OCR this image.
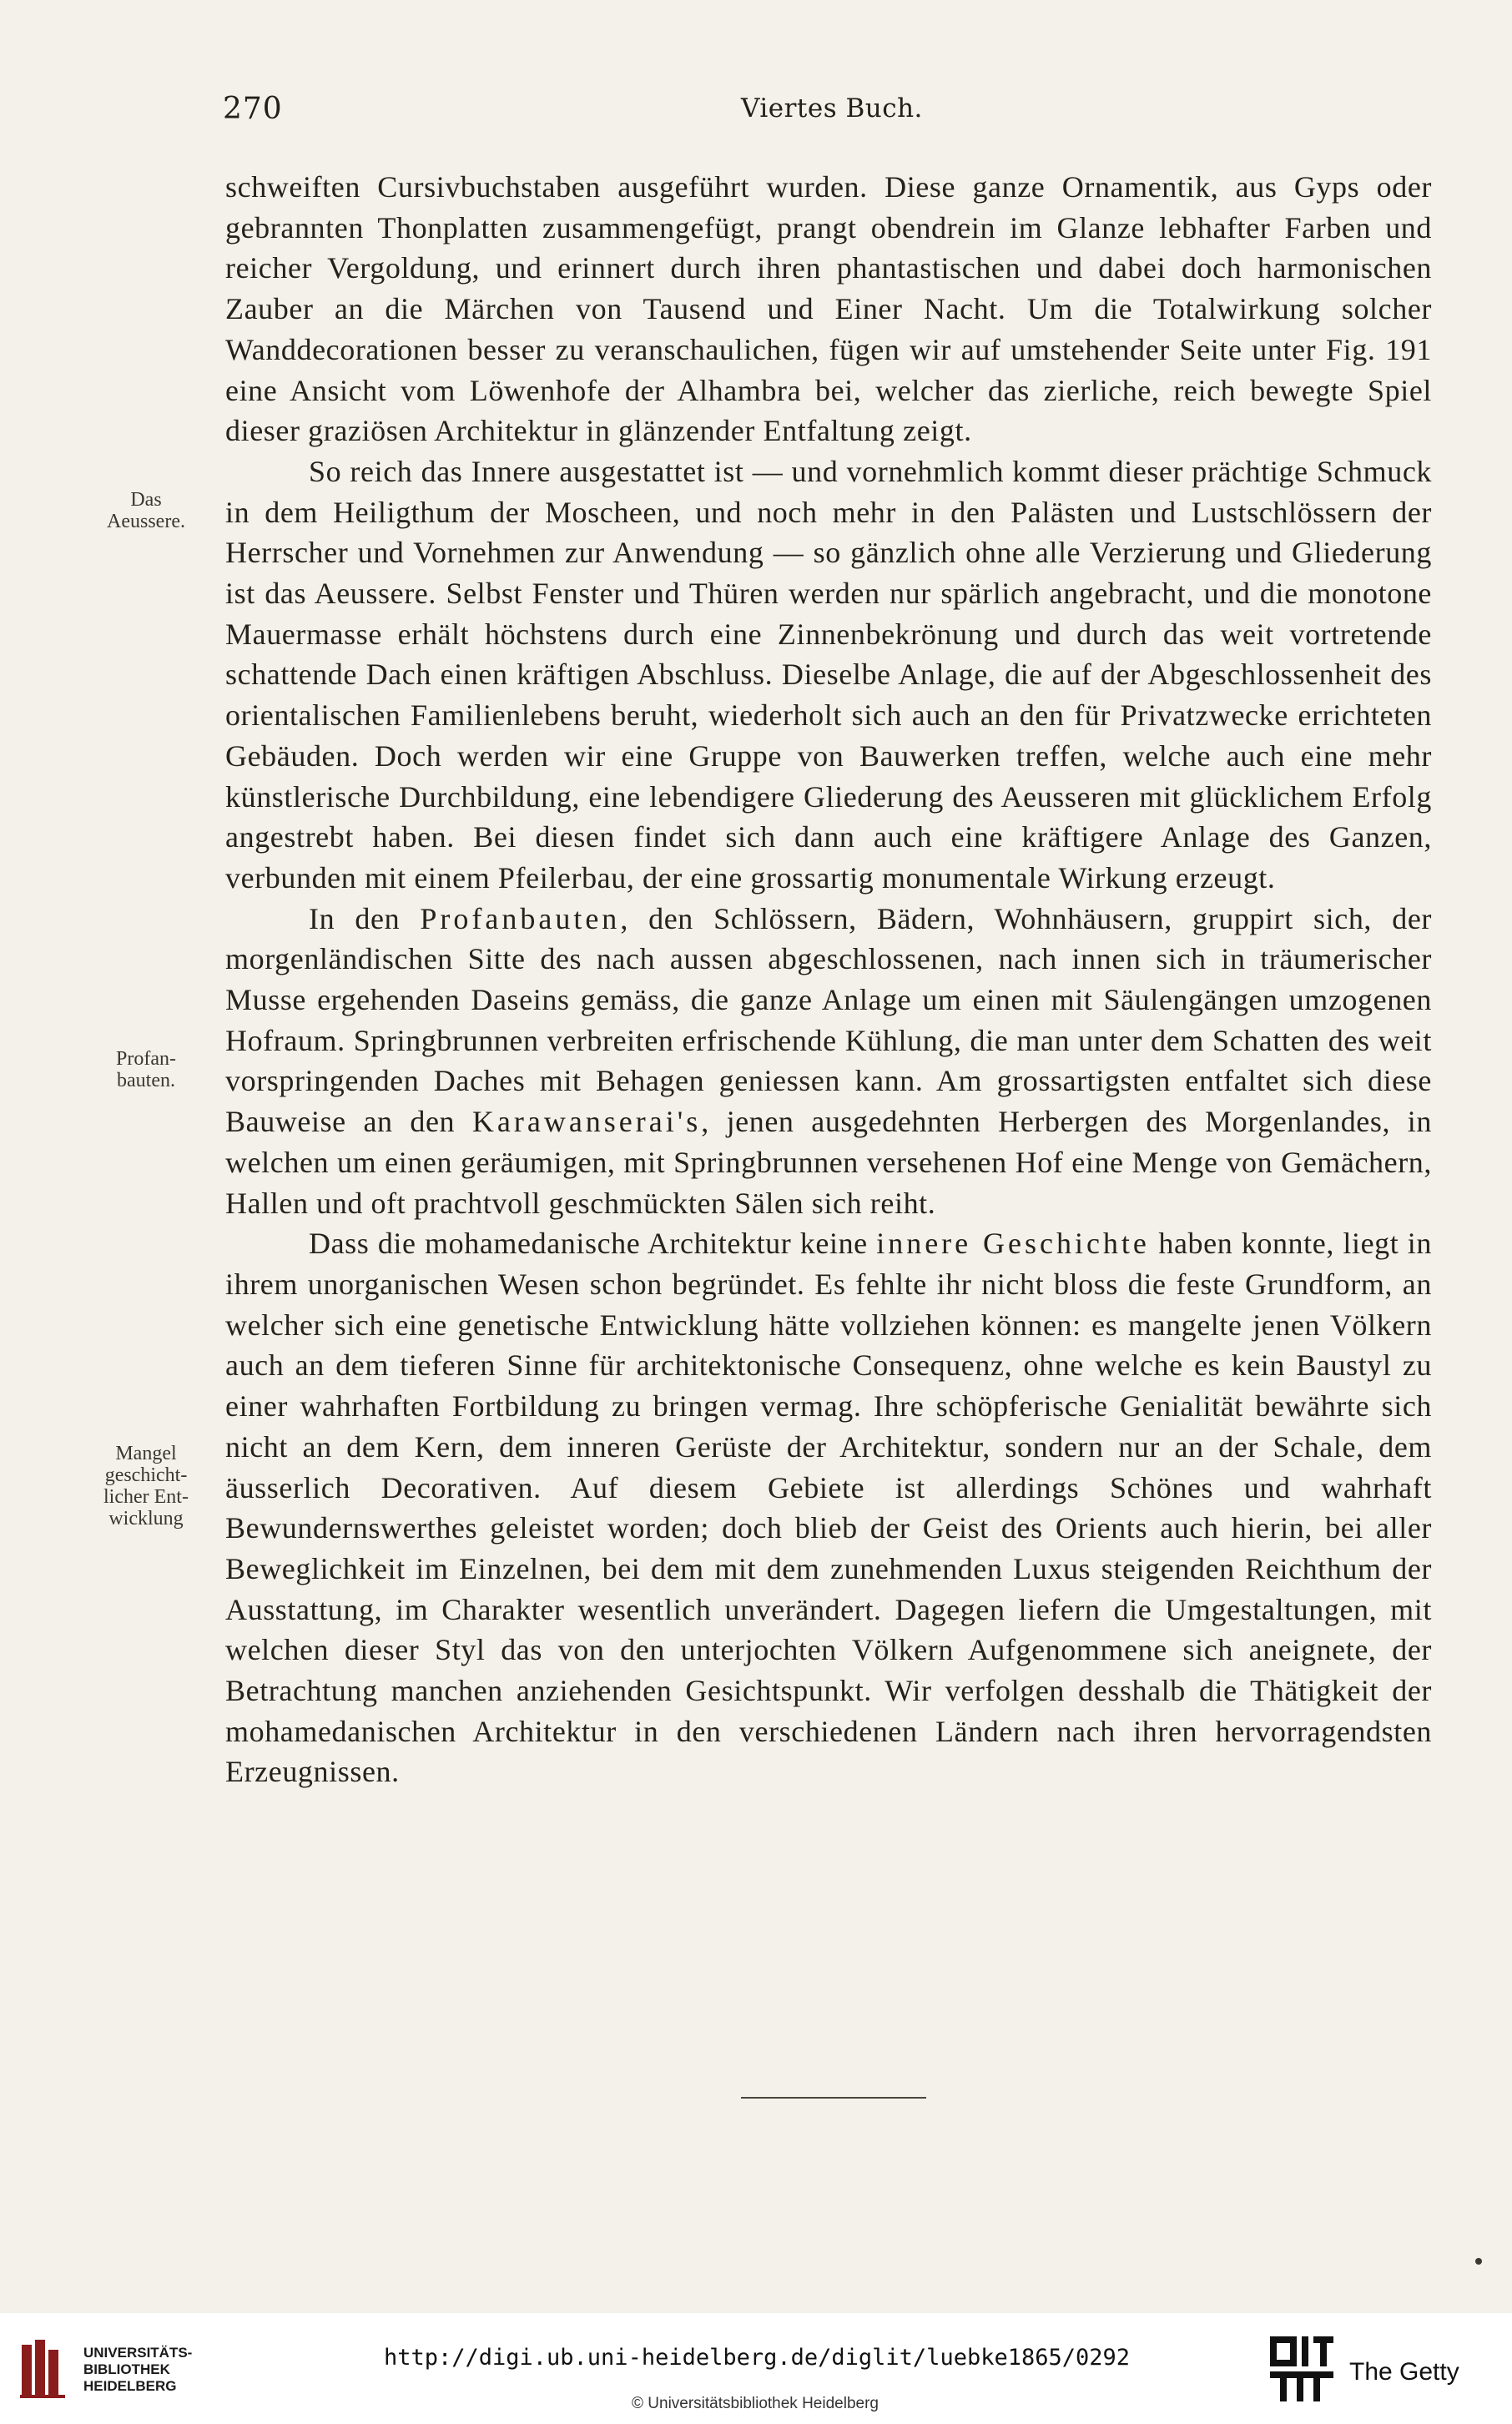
270	Viertes Buch.
Das
Aeussere.
Profan-
bauten.
Mangel
geschicht-
licher Ent-
wicklung

schweiften Cursivbuchstaben ausgeführt wurden. Diese ganze Ornamentik, aus Gyps oder gebrannten Thonplatten zusammengefügt, prangt obendrein im Glanze lebhafter Farben und reicher Vergoldung, und erinnert durch ihren phantastischen und dabei doch harmonischen Zauber an die Märchen von Tausend und Einer Nacht. Um die Totalwirkung solcher Wanddecorationen besser zu veranschaulichen, fügen wir auf umstehender Seite unter Fig. 191 eine Ansicht vom Löwenhofe der Alhambra bei, welcher das zierliche, reich bewegte Spiel dieser graziösen Architektur in glänzender Entfaltung zeigt.

So reich das Innere ausgestattet ist — und vornehmlich kommt dieser prächtige Schmuck in dem Heiligthum der Moscheen, und noch mehr in den Palästen und Lustschlössern der Herrscher und Vornehmen zur Anwendung — so gänzlich ohne alle Verzierung und Gliederung ist das Aeussere. Selbst Fenster und Thüren werden nur spärlich angebracht, und die monotone Mauermasse erhält höchstens durch eine Zinnenbekrönung und durch das weit vortretende schattende Dach einen kräftigen Abschluss. Dieselbe Anlage, die auf der Abgeschlossenheit des orientalischen Familienlebens beruht, wiederholt sich auch an den für Privatzwecke errichteten Gebäuden. Doch werden wir eine Gruppe von Bauwerken treffen, welche auch eine mehr künstlerische Durchbildung, eine lebendigere Gliederung des Aeusseren mit glücklichem Erfolg angestrebt haben. Bei diesen findet sich dann auch eine kräftigere Anlage des Ganzen, verbunden mit einem Pfeilerbau, der eine grossartig monumentale Wirkung erzeugt.

In den Profanbauten, den Schlössern, Bädern, Wohnhäusern, gruppirt sich, der morgenländischen Sitte des nach aussen abgeschlossenen, nach innen sich in träumerischer Musse ergehenden Daseins gemäss, die ganze Anlage um einen mit Säulengängen umzogenen Hofraum. Springbrunnen verbreiten erfrischende Kühlung, die man unter dem Schatten des weit vorspringenden Daches mit Behagen geniessen kann. Am grossartigsten entfaltet sich diese Bauweise an den Karawanserai's, jenen ausgedehnten Herbergen des Morgenlandes, in welchen um einen geräumigen, mit Springbrunnen versehenen Hof eine Menge von Gemächern, Hallen und oft prachtvoll geschmückten Sälen sich reiht.

Dass die mohamedanische Architektur keine innere Geschichte haben konnte, liegt in ihrem unorganischen Wesen schon begründet. Es fehlte ihr nicht bloss die feste Grundform, an welcher sich eine genetische Entwicklung hätte vollziehen können: es mangelte jenen Völkern auch an dem tieferen Sinne für architektonische Consequenz, ohne welche es kein Baustyl zu einer wahrhaften Fortbildung zu bringen vermag. Ihre schöpferische Genialität bewährte sich nicht an dem Kern, dem inneren Gerüste der Architektur, sondern nur an der Schale, dem äusserlich Decorativen. Auf diesem Gebiete ist allerdings Schönes und wahrhaft Bewundernswerthes geleistet worden; doch blieb der Geist des Orients auch hierin, bei aller Beweglichkeit im Einzelnen, bei dem mit dem zunehmenden Luxus steigenden Reichthum der Ausstattung, im Charakter wesentlich unverändert. Dagegen liefern die Umgestaltungen, mit welchen dieser Styl das von den unterjochten Völkern Aufgenommene sich aneignete, der Betrachtung manchen anziehenden Gesichtspunkt. Wir verfolgen desshalb die Thätigkeit der mohamedanischen Architektur in den verschiedenen Ländern nach ihren hervorragendsten Erzeugnissen.

UNIVERSITÄTS-
BIBLIOTHEK
HEIDELBERG
http://digi.ub.uni-heidelberg.de/diglit/luebke1865/0292
© Universitätsbibliothek Heidelberg
The Getty
